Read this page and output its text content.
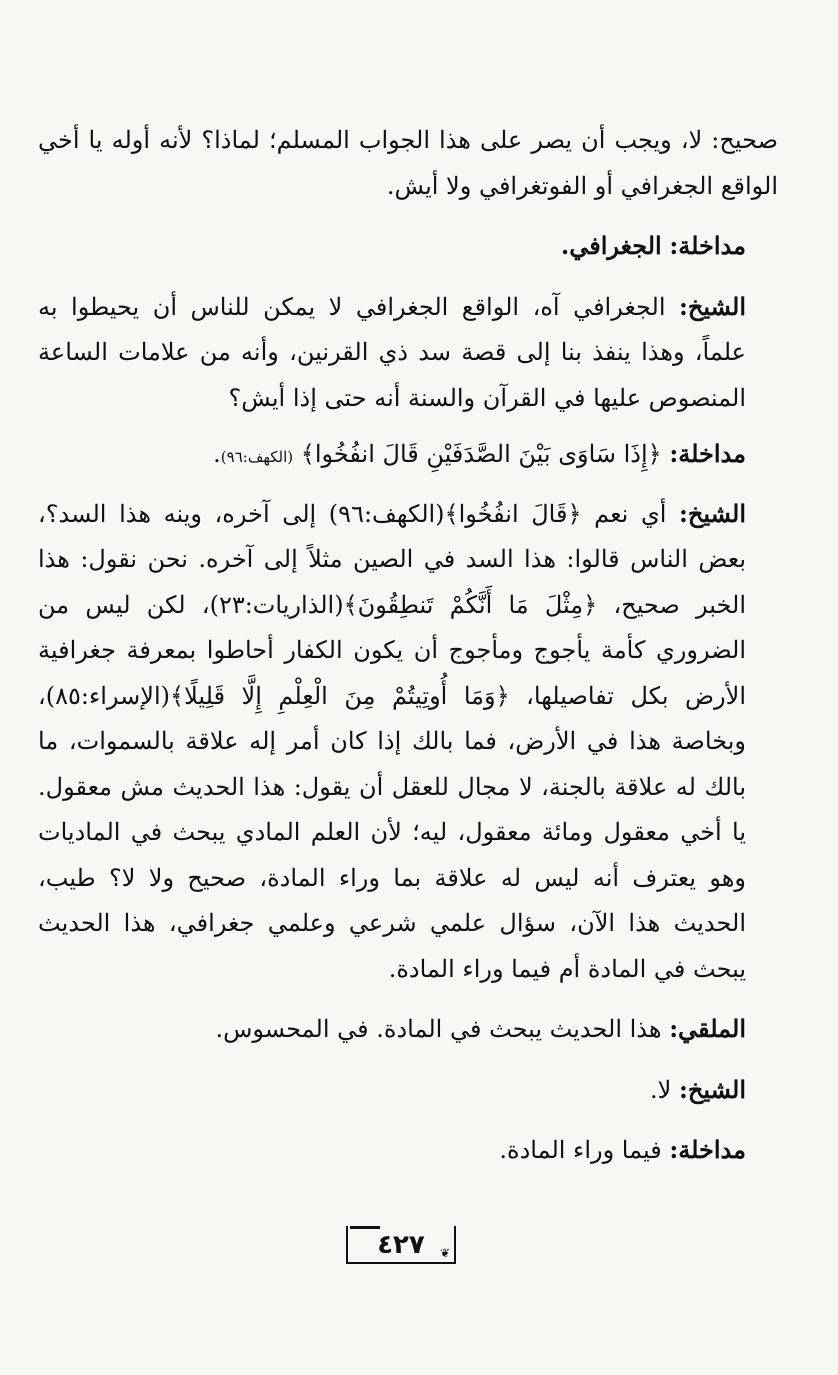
صحيح: لا، ويجب أن يصر على هذا الجواب المسلم؛ لماذا؟ لأنه أوله يا أخي الواقع الجغرافي أو الفوتغرافي ولا أيش.

مداخلة: الجغرافي.

الشيخ: الجغرافي آه، الواقع الجغرافي لا يمكن للناس أن يحيطوا به علماً، وهذا ينفذ بنا إلى قصة سد ذي القرنين، وأنه من علامات الساعة المنصوص عليها في القرآن والسنة أنه حتى إذا أيش؟

مداخلة: ﴿إِذَا سَاوَى بَيْنَ الصَّدَفَيْنِ قَالَ انفُخُوا﴾ (الكهف:٩٦).

الشيخ: أي نعم ﴿قَالَ انفُخُوا﴾(الكهف:٩٦) إلى آخره، وينه هذا السد؟، بعض الناس قالوا: هذا السد في الصين مثلاً إلى آخره. نحن نقول: هذا الخبر صحيح، ﴿مِثْلَ مَا أَنَّكُمْ تَنطِقُونَ﴾(الذاريات:٢٣)، لكن ليس من الضروري كأمة يأجوج ومأجوج أن يكون الكفار أحاطوا بمعرفة جغرافية الأرض بكل تفاصيلها، ﴿وَمَا أُوتِيتُمْ مِنَ الْعِلْمِ إِلَّا قَلِيلًا﴾(الإسراء:٨٥)، وبخاصة هذا في الأرض، فما بالك إذا كان أمر إله علاقة بالسموات، ما بالك له علاقة بالجنة، لا مجال للعقل أن يقول: هذا الحديث مش معقول. يا أخي معقول ومائة معقول، ليه؛ لأن العلم المادي يبحث في الماديات وهو يعترف أنه ليس له علاقة بما وراء المادة، صحيح ولا لا؟ طيب، الحديث هذا الآن، سؤال علمي شرعي وعلمي جغرافي، هذا الحديث يبحث في المادة أم فيما وراء المادة.

الملقي: هذا الحديث يبحث في المادة. في المحسوس.

الشيخ: لا.

مداخلة: فيما وراء المادة.

❦
٤٢٧
